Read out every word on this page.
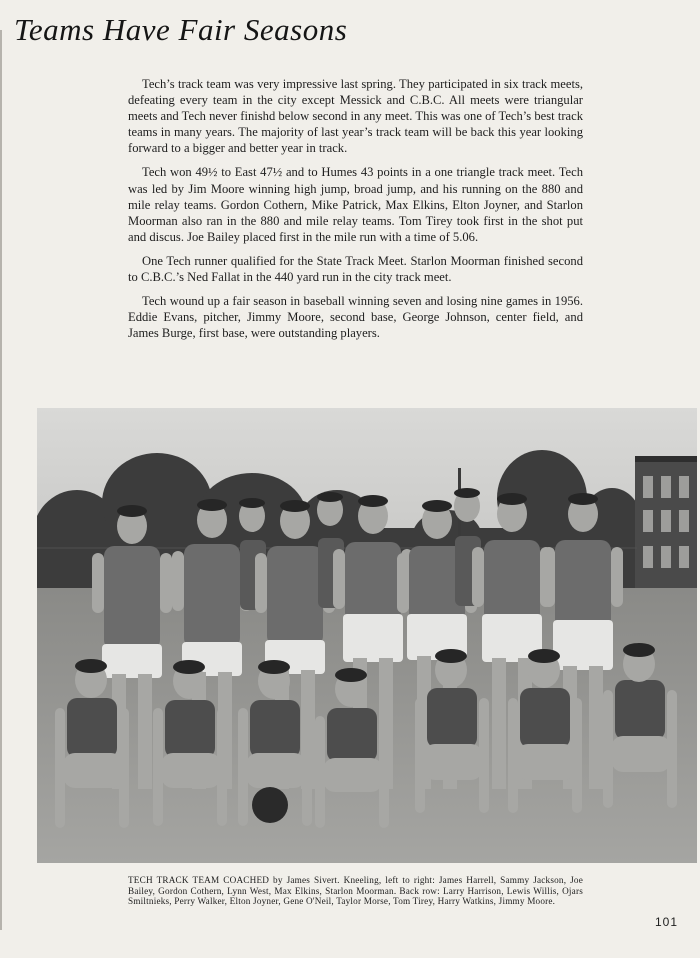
Teams Have Fair Seasons

Tech’s track team was very impressive last spring. They participated in six track meets, defeating every team in the city except Messick and C.B.C. All meets were triangular meets and Tech never finishd below second in any meet. This was one of Tech’s best track teams in many years. The majority of last year’s track team will be back this year looking forward to a bigger and better year in track.

Tech won 49½ to East 47½ and to Humes 43 points in a one triangle track meet. Tech was led by Jim Moore winning high jump, broad jump, and his running on the 880 and mile relay teams. Gordon Cothern, Mike Patrick, Max Elkins, Elton Joyner, and Starlon Moorman also ran in the 880 and mile relay teams. Tom Tirey took first in the shot put and discus. Joe Bailey placed first in the mile run with a time of 5.06.

One Tech runner qualified for the State Track Meet. Starlon Moorman finished second to C.B.C.’s Ned Fallat in the 440 yard run in the city track meet.

Tech wound up a fair season in baseball winning seven and losing nine games in 1956. Eddie Evans, pitcher, Jimmy Moore, second base, George Johnson, center field, and James Burge, first base, were outstanding players.

TECH TRACK TEAM COACHED by James Sivert. Kneeling, left to right: James Harrell, Sammy Jackson, Joe Bailey, Gordon Cothern, Lynn West, Max Elkins, Starlon Moorman. Back row: Larry Harrison, Lewis Willis, Ojars Smiltnieks, Perry Walker, Elton Joyner, Gene O'Neil, Taylor Morse, Tom Tirey, Harry Watkins, Jimmy Moore.
101
